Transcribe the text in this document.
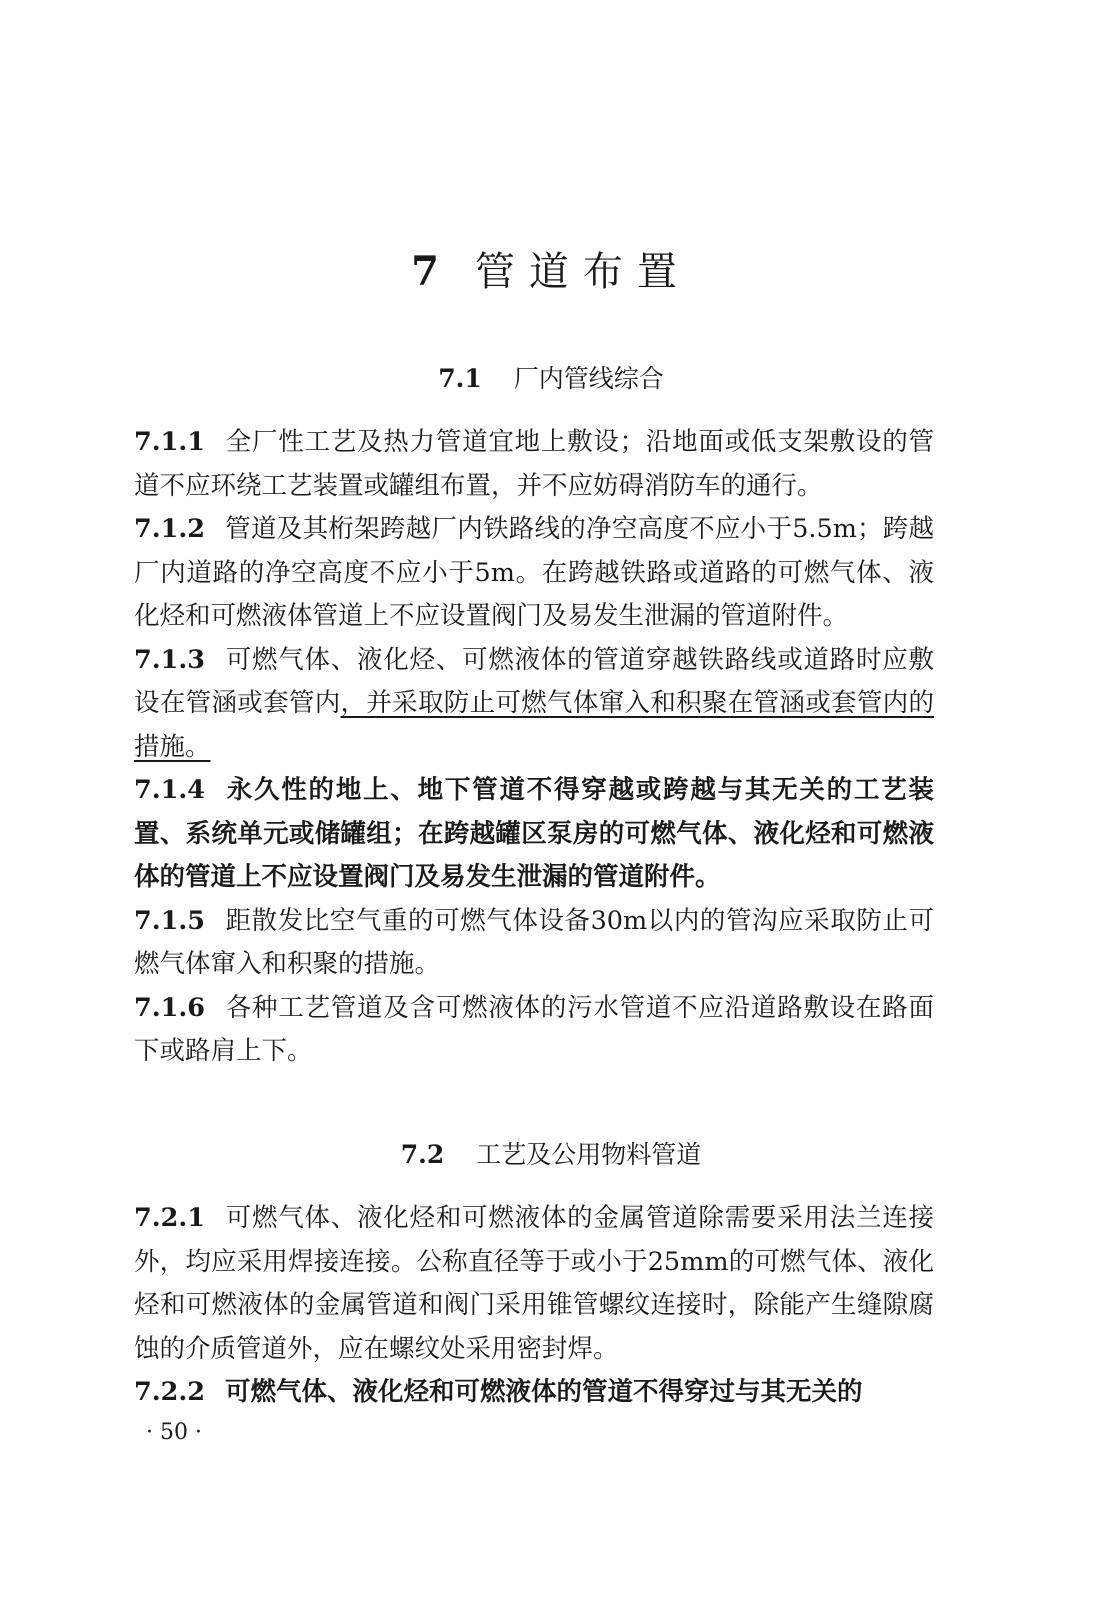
7 管道布置
7.1 厂内管线综合

7.1.1 全厂性工艺及热力管道宜地上敷设；沿地面或低支架敷设的管道不应环绕工艺装置或罐组布置，并不应妨碍消防车的通行。

7.1.2 管道及其桁架跨越厂内铁路线的净空高度不应小于5.5m；跨越厂内道路的净空高度不应小于5m。在跨越铁路或道路的可燃气体、液化烃和可燃液体管道上不应设置阀门及易发生泄漏的管道附件。

7.1.3 可燃气体、液化烃、可燃液体的管道穿越铁路线或道路时应敷设在管涵或套管内，并采取防止可燃气体窜入和积聚在管涵或套管内的措施。

7.1.4 永久性的地上、地下管道不得穿越或跨越与其无关的工艺装置、系统单元或储罐组；在跨越罐区泵房的可燃气体、液化烃和可燃液体的管道上不应设置阀门及易发生泄漏的管道附件。

7.1.5 距散发比空气重的可燃气体设备30m以内的管沟应采取防止可燃气体窜入和积聚的措施。

7.1.6 各种工艺管道及含可燃液体的污水管道不应沿道路敷设在路面下或路肩上下。

7.2 工艺及公用物料管道

7.2.1 可燃气体、液化烃和可燃液体的金属管道除需要采用法兰连接外，均应采用焊接连接。公称直径等于或小于25mm的可燃气体、液化烃和可燃液体的金属管道和阀门采用锥管螺纹连接时，除能产生缝隙腐蚀的介质管道外，应在螺纹处采用密封焊。

7.2.2 可燃气体、液化烃和可燃液体的管道不得穿过与其无关的

· 50 ·
